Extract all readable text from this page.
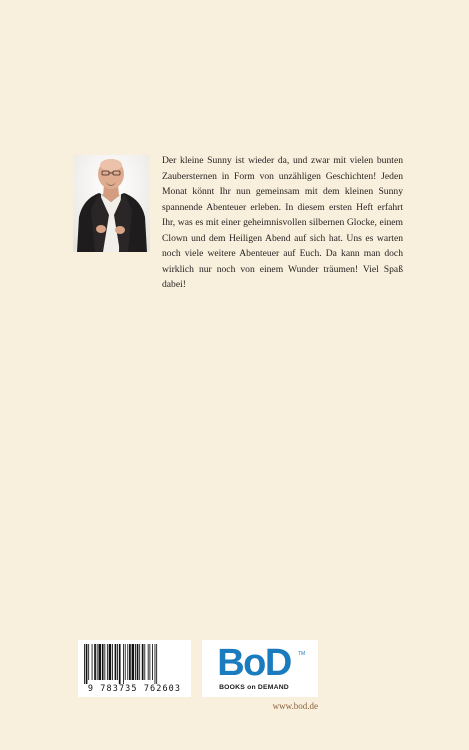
Der kleine Sunny ist wieder da, und zwar mit vielen bunten Zaubersternen in Form von unzähligen Geschichten! Jeden Monat könnt Ihr nun gemeinsam mit dem kleinen Sunny spannende Abenteuer erleben. In diesem ersten Heft erfahrt Ihr, was es mit einer geheimnisvollen silbernen Glocke, einem Clown und dem Heiligen Abend auf sich hat. Uns es warten noch viele weitere Abenteuer auf Euch. Da kann man doch wirklich nur noch von einem Wunder träumen! Viel Spaß dabei!

9 783735 762603
BoD	TM
BOOKS on DEMAND
www.bod.de
